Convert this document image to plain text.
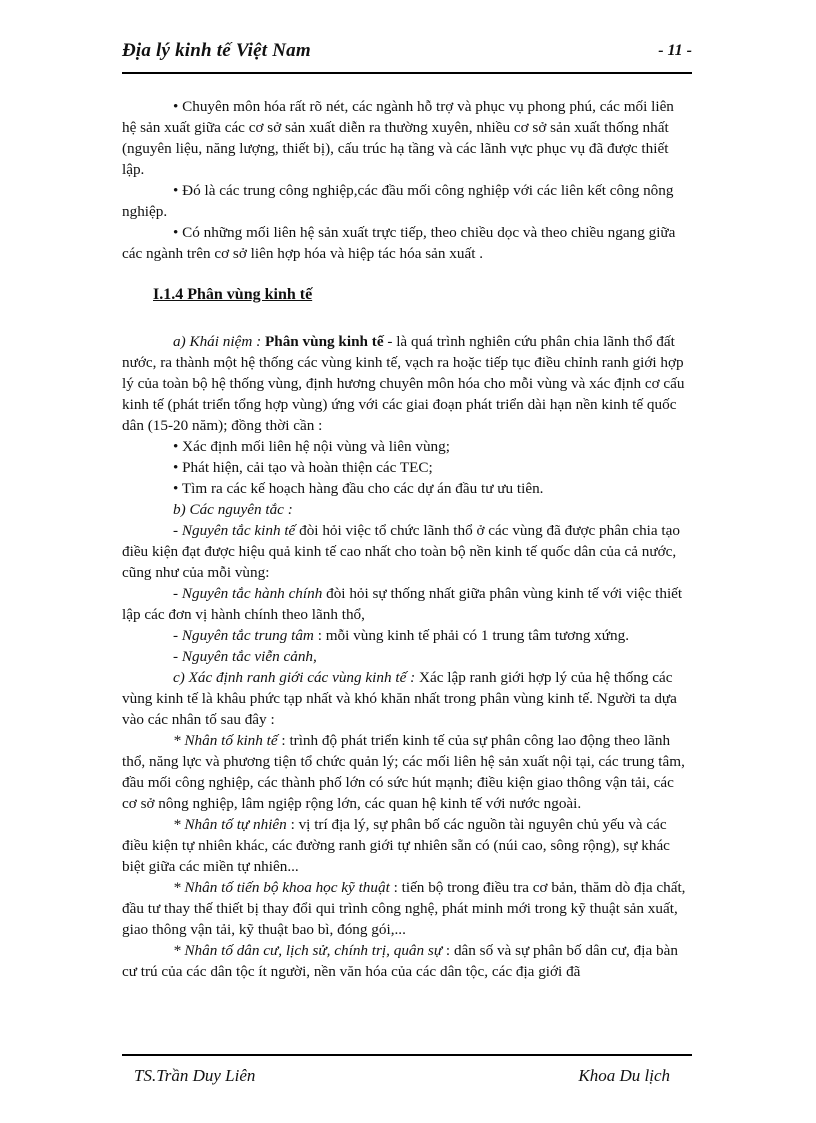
Địa lý kinh tế Việt Nam	- 11 -

• Chuyên môn hóa rất rõ nét, các ngành hỗ trợ và phục vụ phong phú, các mối liên hệ sản xuất giữa các cơ sở sản xuất diễn ra thường xuyên, nhiều cơ sở sản xuất thống nhất (nguyên liệu, năng lượng, thiết bị), cấu trúc hạ tầng và các lãnh vực phục vụ đã được thiết lập.

• Đó là các trung công nghiệp,các đầu mối công nghiệp với các liên kết công nông nghiệp.

• Có những mối liên hệ sản xuất trực tiếp, theo chiều dọc và theo chiều ngang giữa các ngành trên cơ sở liên hợp hóa và hiệp tác hóa sản xuất .

I.1.4 Phân vùng kinh tế

a) Khái niệm : Phân vùng kinh tế - là quá trình nghiên cứu phân chia lãnh thổ đất nước, ra thành một hệ thống các vùng kinh tế, vạch ra hoặc tiếp tục điều chỉnh ranh giới hợp lý của toàn bộ hệ thống vùng, định hương chuyên môn hóa cho mỗi vùng và xác định cơ cấu kinh tế (phát triển tổng hợp vùng) ứng với các giai đoạn phát triển dài hạn nền kinh tế quốc dân (15-20 năm); đồng thời cần :

• Xác định mối liên hệ nội vùng và liên vùng;

• Phát hiện, cải tạo và hoàn thiện các TEC;

• Tìm ra các kế hoạch hàng đầu cho các dự án đầu tư ưu tiên.

b) Các nguyên tắc :

- Nguyên tắc kinh tế đòi hỏi việc tổ chức lãnh thổ ở các vùng đã được phân chia tạo điều kiện đạt được hiệu quả kinh tế cao nhất cho toàn bộ nền kinh tế quốc dân của cả nước, cũng như của mỗi vùng:

- Nguyên tắc hành chính đòi hỏi sự thống nhất giữa phân vùng kinh tế với việc thiết lập các đơn vị hành chính theo lãnh thổ,

- Nguyên tắc trung tâm : mỗi vùng kinh tế phải có 1 trung tâm tương xứng.

- Nguyên tắc viễn cảnh,

c) Xác định ranh giới các vùng kinh tế : Xác lập ranh giới hợp lý của hệ thống các vùng kinh tế là khâu phức tạp nhất và khó khăn nhất trong phân vùng kinh tế. Người ta dựa vào các nhân tố sau đây :

* Nhân tố kinh tế : trình độ phát triển kinh tế của sự phân công lao động theo lãnh thổ, năng lực và phương tiện tổ chức quản lý; các mối liên hệ sản xuất nội tại, các trung tâm, đầu mối công nghiệp, các thành phố lớn có sức hút mạnh; điều kiện giao thông vận tải, các cơ sở nông nghiệp, lâm ngiệp rộng lớn, các quan hệ kinh tế với nước ngoài.

* Nhân tố tự nhiên : vị trí địa lý, sự phân bố các nguồn tài nguyên chủ yếu và các điều kiện tự nhiên khác, các đường ranh giới tự nhiên sẵn có (núi cao, sông rộng), sự khác biệt giữa các miền tự nhiên...

* Nhân tố tiến bộ khoa học kỹ thuật : tiến bộ trong điều tra cơ bản, thăm dò địa chất, đầu tư thay thế thiết bị thay đổi qui trình công nghệ, phát minh mới trong kỹ thuật sản xuất, giao thông vận tải, kỹ thuật bao bì, đóng gói,...

* Nhân tố dân cư, lịch sử, chính trị, quân sự : dân số và sự phân bố dân cư, địa bàn cư trú của các dân tộc ít người, nền văn hóa của các dân tộc, các địa giới đã

TS.Trần Duy Liên	Khoa Du lịch
